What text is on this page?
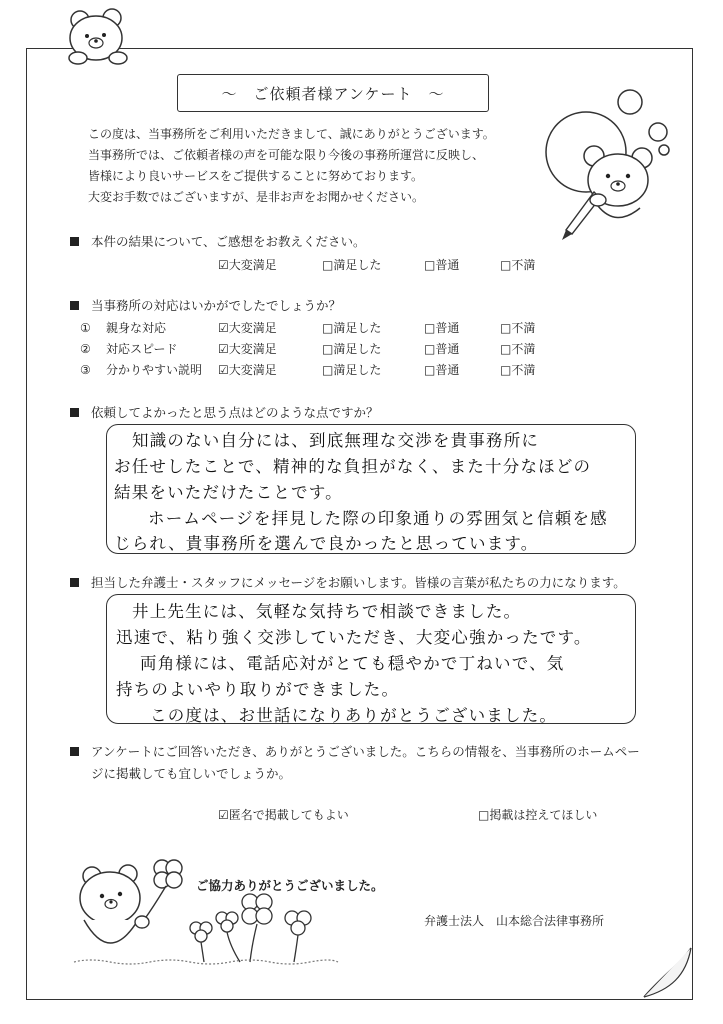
～　ご依頼者様アンケート　～
この度は、当事務所をご利用いただきまして、誠にありがとうございます。
当事務所では、ご依頼者様の声を可能な限り今後の事務所運営に反映し、
皆様により良いサービスをご提供することに努めております。
大変お手数ではございますが、是非お声をお聞かせください。
本件の結果について、ご感想をお教えください。
☑大変満足	□満足した	□普通	□不満
当事務所の対応はいかがでしたでしょうか？
① 親身な対応	☑大変満足	□満足した	□普通	□不満
② 対応スピード	☑大変満足	□満足した	□普通	□不満
③ 分かりやすい説明 ☑大変満足	□満足した	□普通	□不満
依頼してよかったと思う点はどのような点ですか？
知識のない自分には、到底無理な交渉を貴事務所に
お任せしたことで、精神的な負担がなく、また十分なほどの
結果をいただけたことです。
ホームページを拝見した際の印象通りの雰囲気と信頼を感
じられ、貴事務所を選んで良かったと思っています。
担当した弁護士・スタッフにメッセージをお願いします。皆様の言葉が私たちの力になります。
井上先生には、気軽な気持ちで相談できました。
迅速で、粘り強く交渉していただき、大変心強かったです。
両角様には、電話応対がとても穏やかで丁ねいで、気
持ちのよいやり取りができました。
この度は、お世話になりありがとうございました。
アンケートにご回答いただき、ありがとうございました。こちらの情報を、当事務所のホームペー
ジに掲載しても宜しいでしょうか。
☑匿名で掲載してもよい	□掲載は控えてほしい
ご協力ありがとうございました。
弁護士法人　山本総合法律事務所
